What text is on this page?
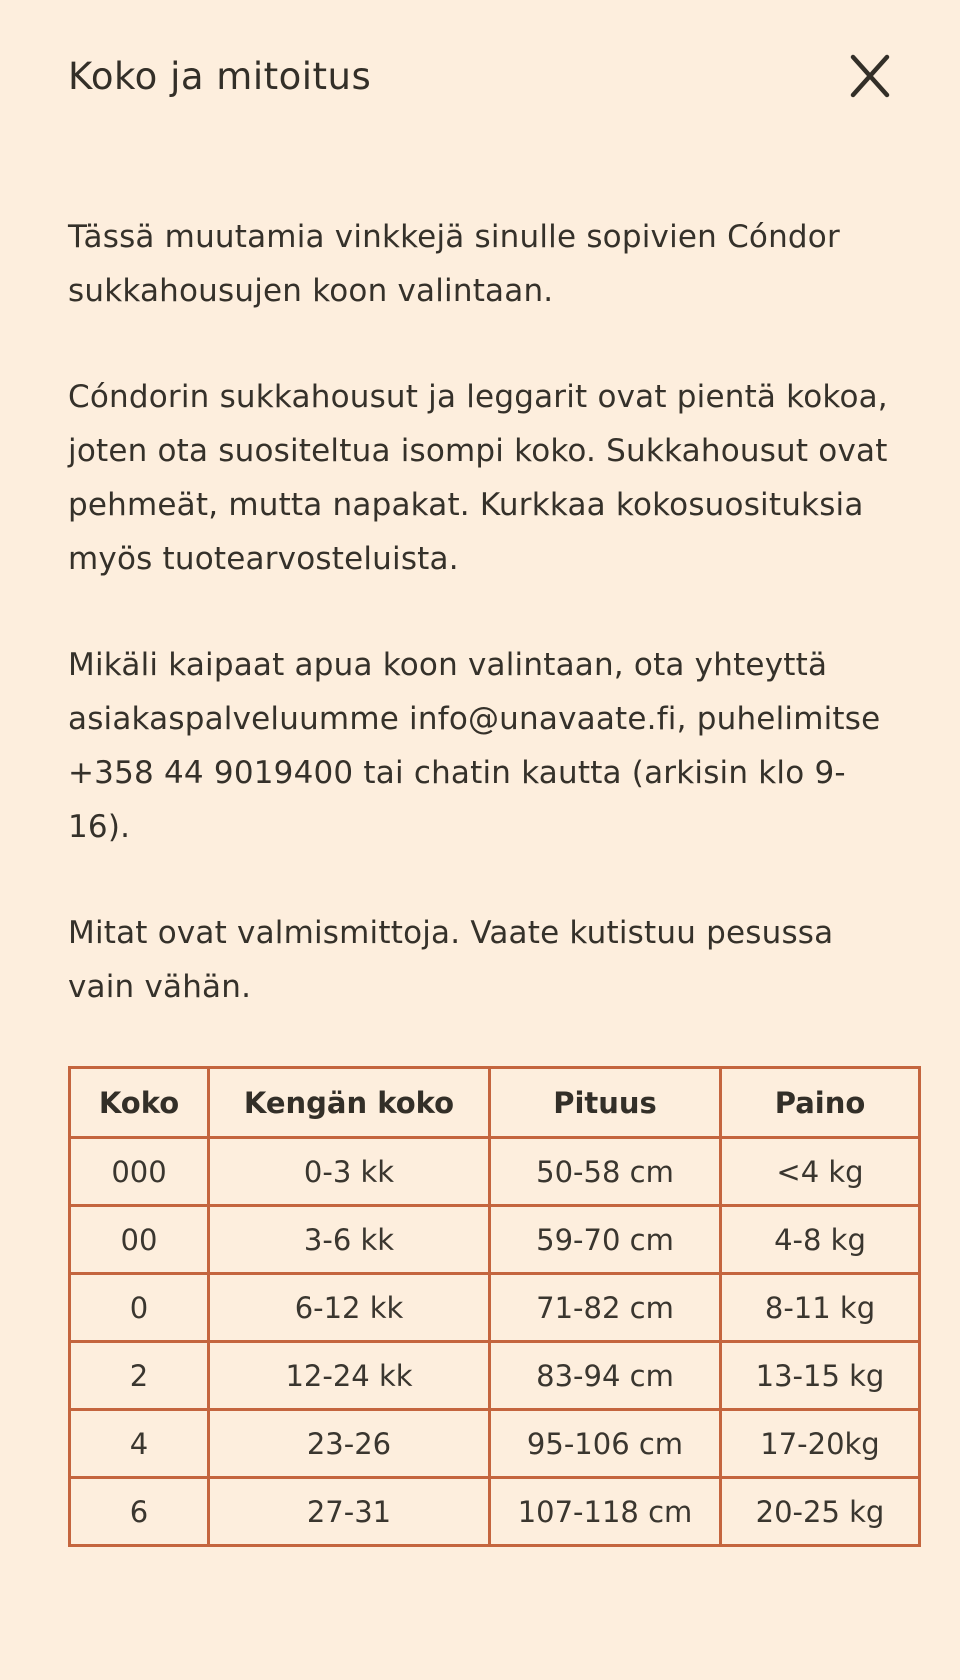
Koko ja mitoitus

Tässä muutamia vinkkejä sinulle sopivien Cóndor sukkahousujen koon valintaan.

Cóndorin sukkahousut ja leggarit ovat pientä kokoa, joten ota suositeltua isompi koko. Sukkahousut ovat pehmeät, mutta napakat. Kurkkaa kokosuosituksia myös tuotearvosteluista.

Mikäli kaipaat apua koon valintaan, ota yhteyttä asiakaspalveluumme info@unavaate.fi, puhelimitse +358 44 9019400 tai chatin kautta (arkisin klo 9-16).

Mitat ovat valmismittoja. Vaate kutistuu pesussa vain vähän.

Koko	Kengän koko	Pituus	Paino
000	0-3 kk	50-58 cm	<4 kg
00	3-6 kk	59-70 cm	4-8 kg
0	6-12 kk	71-82 cm	8-11 kg
2	12-24 kk	83-94 cm	13-15 kg
4	23-26	95-106 cm	17-20kg
6	27-31	107-118 cm	20-25 kg
